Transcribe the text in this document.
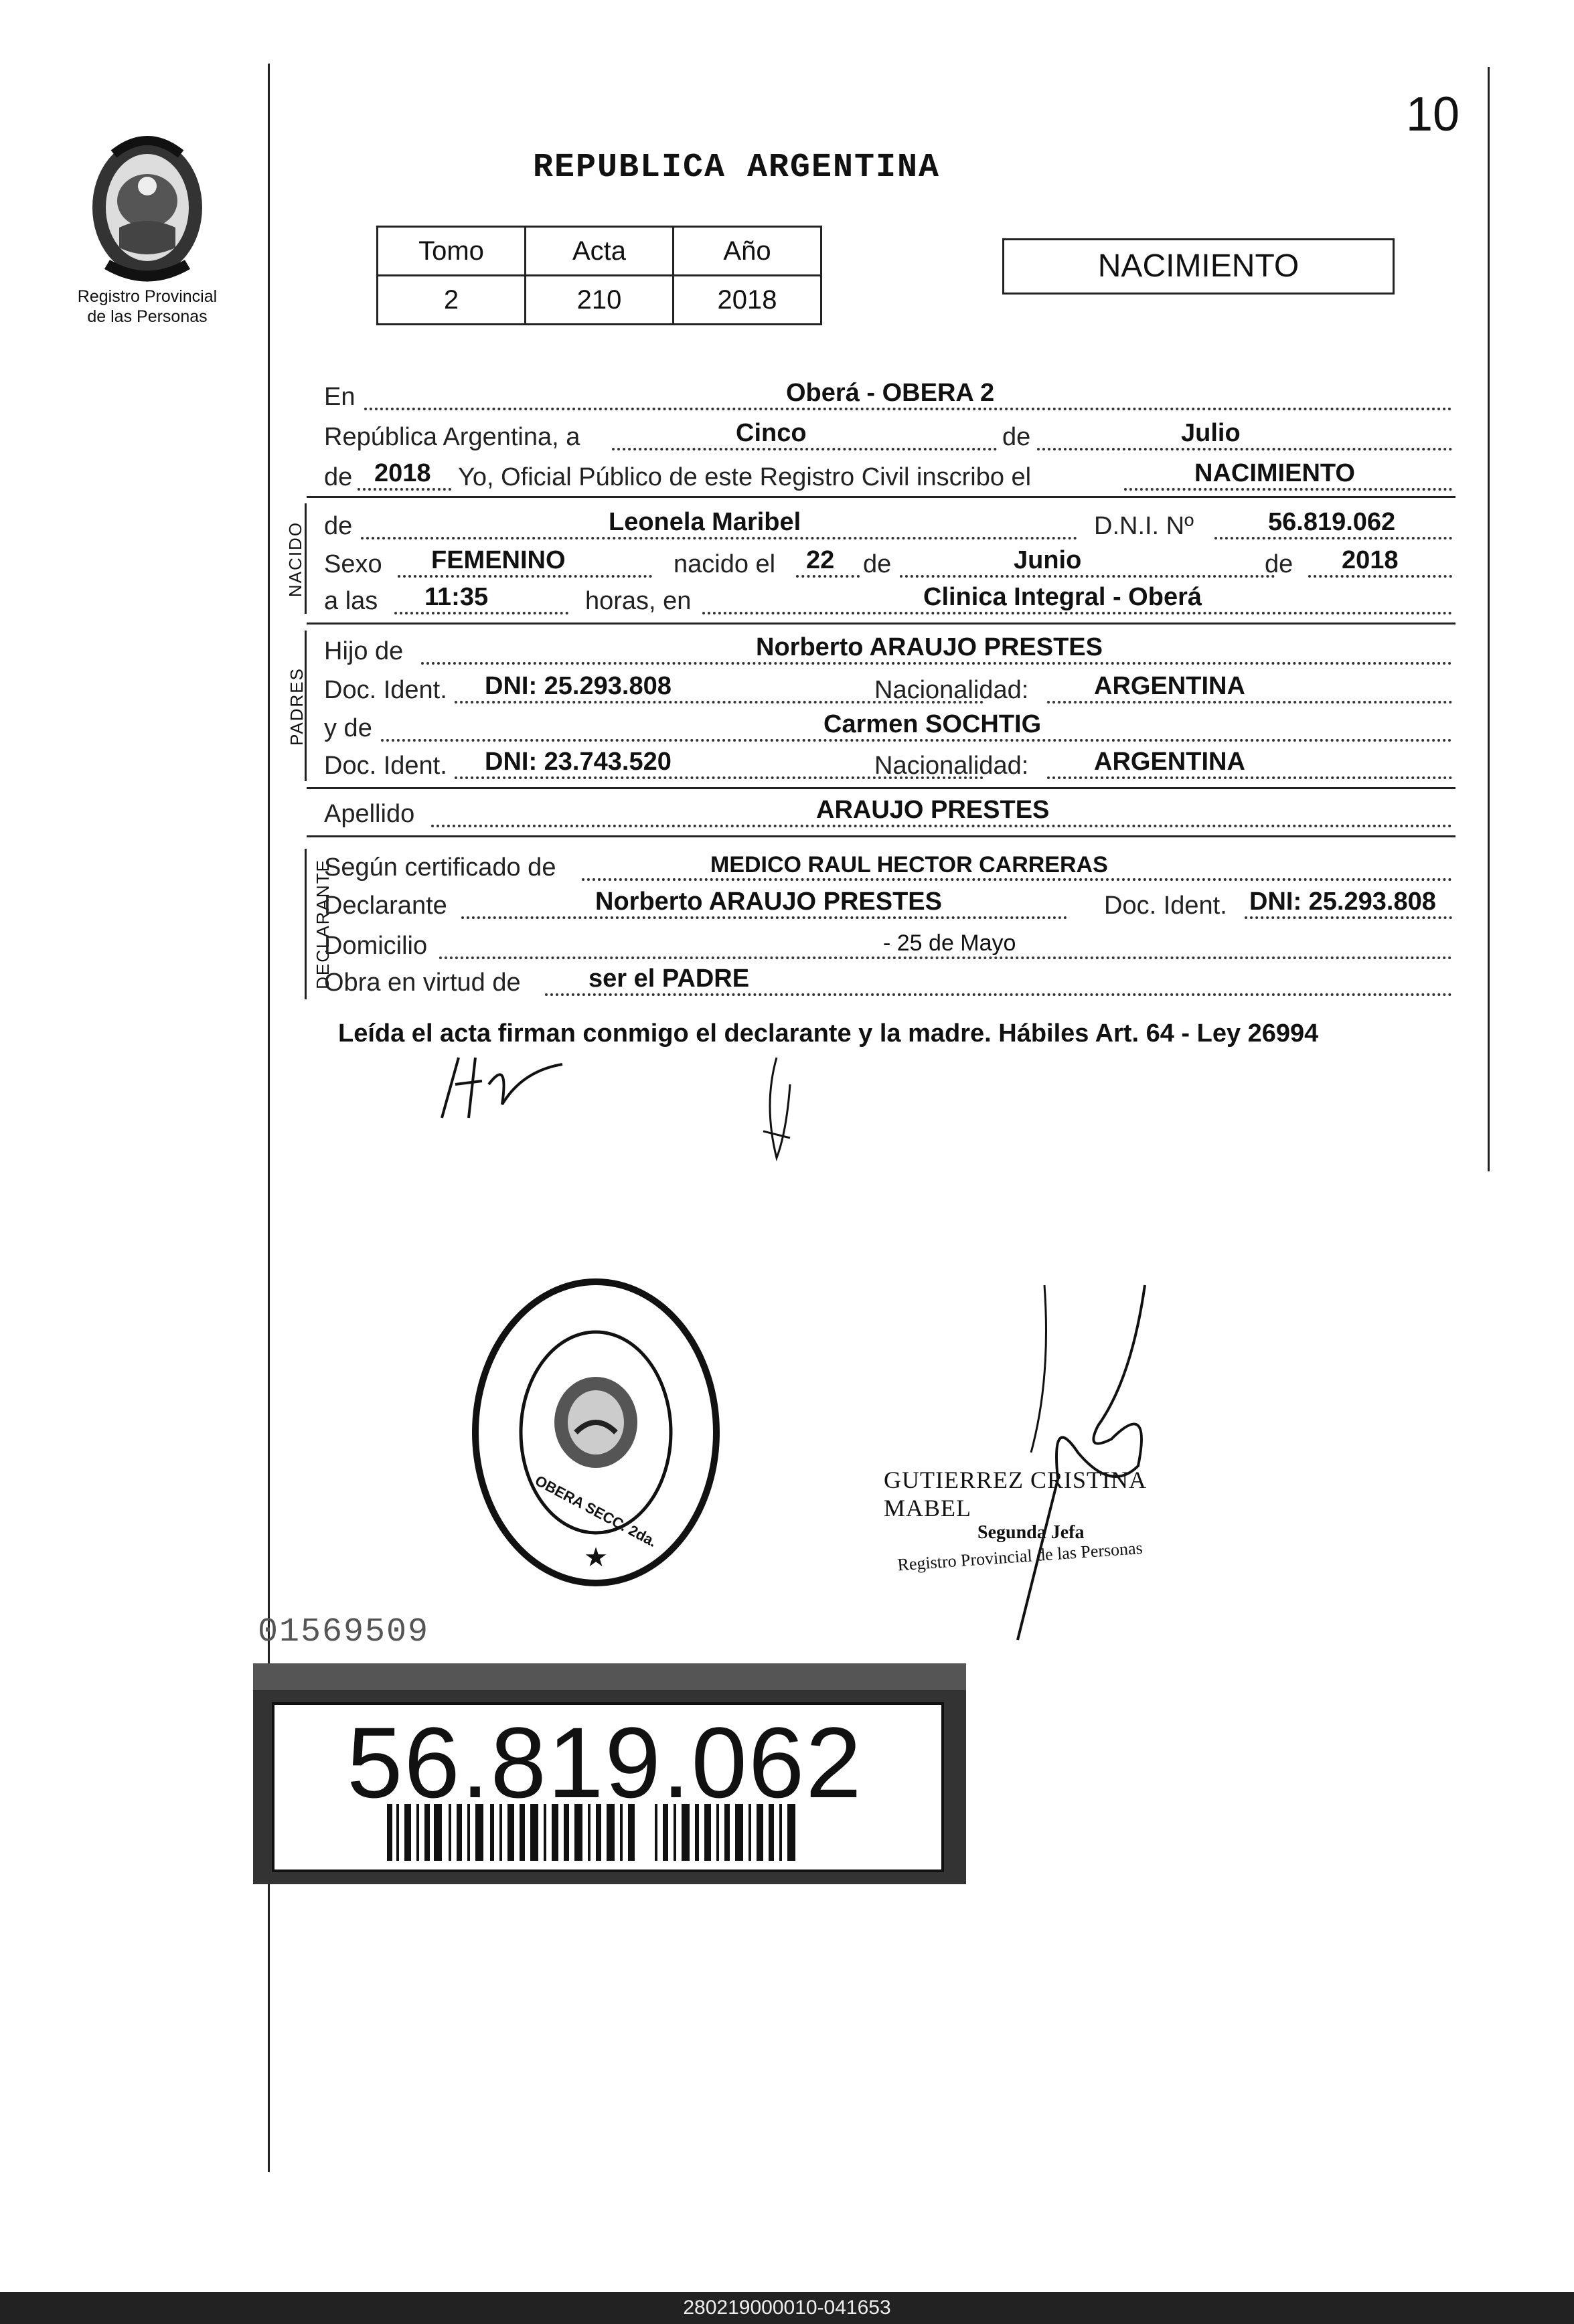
10
Registro Provincial
de las Personas
REPUBLICA ARGENTINA
Tomo	Acta	Año
2	210	2018
NACIMIENTO
En	Oberá - OBERA 2
República Argentina, a	Cinco	de	Julio
de 2018 Yo, Oficial Público de este Registro Civil inscribo el	NACIMIENTO
NACIDO de	Leonela Maribel	D.N.I. Nº	56.819.062
Sexo FEMENINO	nacido el 22 de	Junio	de 2018
a las 11:35	horas, en	Clinica Integral - Oberá
PADRES
Hijo de	Norberto ARAUJO PRESTES
Doc. Ident. DNI: 25.293.808	Nacionalidad:	ARGENTINA
y de	Carmen SOCHTIG
Doc. Ident. DNI: 23.743.520	Nacionalidad:	ARGENTINA
Apellido	ARAUJO PRESTES
DECLARANTE
Según certificado de	MEDICO RAUL HECTOR CARRERAS
Declarante	Norberto ARAUJO PRESTES	Doc. Ident. DNI: 25.293.808
Domicilio	- 25 de Mayo
Obra en virtud de	ser el PADRE
Leída el acta firman conmigo el declarante y la madre. Hábiles Art. 64 - Ley 26994
★
OBERA SECC. 2da.	GUTIERREZ CRISTINA MABEL
Segunda Jefa
Registro Provincial de las Personas
01569509
56.819.062
280219000010-041653
